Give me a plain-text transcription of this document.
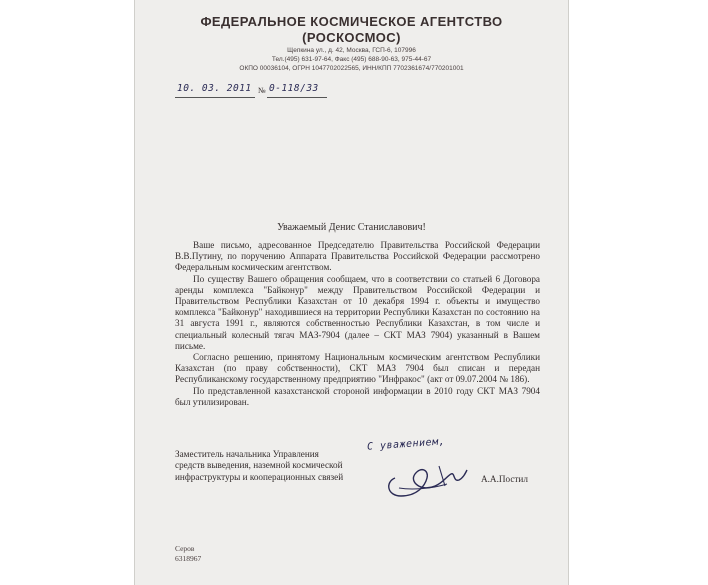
ФЕДЕРАЛЬНОЕ КОСМИЧЕСКОЕ АГЕНТСТВО
(РОСКОСМОС)
Щепкина ул., д. 42, Москва, ГСП-6, 107996
Тел.(495) 631-97-64, Факс (495) 688-90-63, 975-44-67
ОКПО 00036104, ОГРН 1047702022565, ИНН/КПП 7702361674/770201001
10. 03. 2011 № 0-118/33
Уважаемый Денис Станиславович!

Ваше письмо, адресованное Председателю Правительства Российской Федерации В.В.Путину, по поручению Аппарата Правительства Российской Федерации рассмотрено Федеральным космическим агентством.

По существу Вашего обращения сообщаем, что в соответствии со статьей 6 Договора аренды комплекса "Байконур" между Правительством Российской Федерации и Правительством Республики Казахстан от 10 декабря 1994 г. объекты и имущество комплекса "Байконур" находившиеся на территории Республики Казахстан по состоянию на 31 августа 1991 г., являются собственностью Республики Казахстан, в том числе и специальный колесный тягач МАЗ-7904 (далее – СКТ МАЗ 7904) указанный в Вашем письме.

Согласно решению, принятому Национальным космическим агентством Республики Казахстан (по праву собственности), СКТ МАЗ 7904 был списан и передан Республиканскому государственному предприятию "Инфракос" (акт от 09.07.2004 № 186).

По представленной казахстанской стороной информации в 2010 году СКТ МАЗ 7904 был утилизирован.

С уважением,
Заместитель начальника Управления
средств выведения, наземной космической
инфраструктуры и кооперационных связей	А.А.Постил
Серов
6318967
